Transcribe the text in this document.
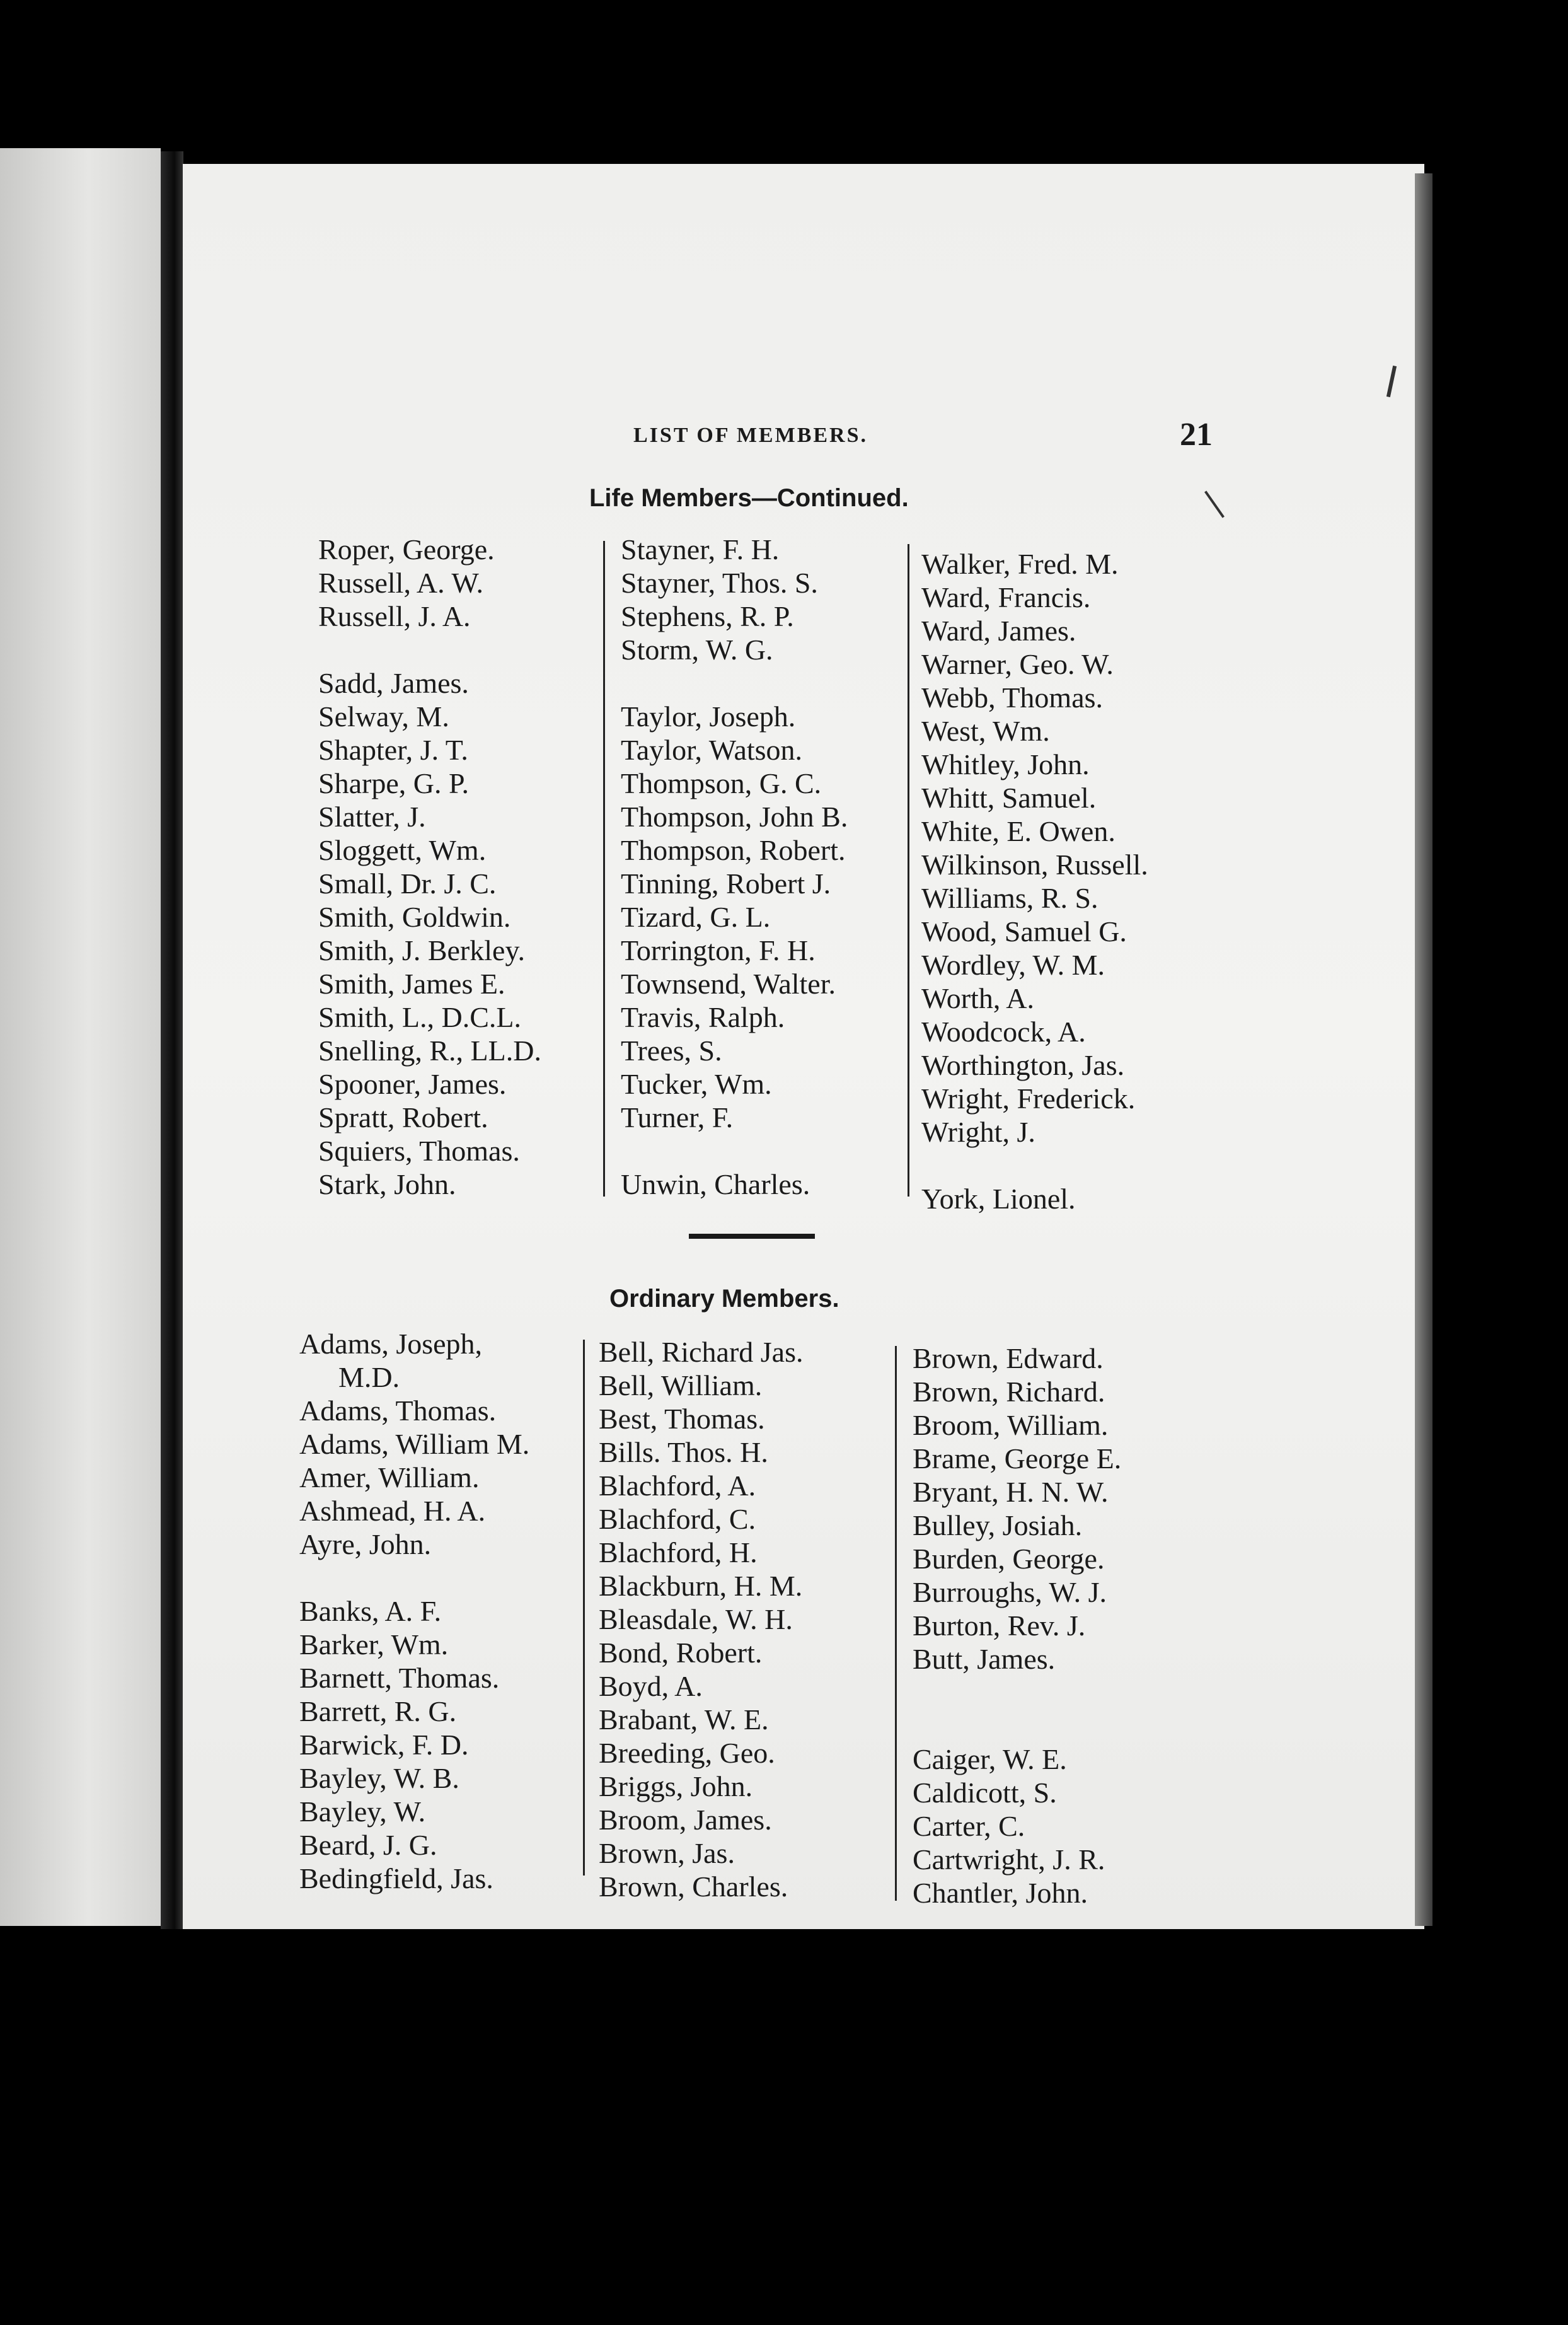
LIST OF MEMBERS.	21
Life Members—Continued.
Roper, George.
Russell, A. W.
Russell, J. A.
Sadd, James.
Selway, M.
Shapter, J. T.
Sharpe, G. P.
Slatter, J.
Sloggett, Wm.
Small, Dr. J. C.
Smith, Goldwin.
Smith, J. Berkley.
Smith, James E.
Smith, L., D.C.L.
Snelling, R., LL.D.
Spooner, James.
Spratt, Robert.
Squiers, Thomas.
Stark, John.
Stayner, F. H.
Stayner, Thos. S.
Stephens, R. P.
Storm, W. G.
Taylor, Joseph.
Taylor, Watson.
Thompson, G. C.
Thompson, John B.
Thompson, Robert.
Tinning, Robert J.
Tizard, G. L.
Torrington, F. H.
Townsend, Walter.
Travis, Ralph.
Trees, S.
Tucker, Wm.
Turner, F.
Unwin, Charles.
Walker, Fred. M.
Ward, Francis.
Ward, James.
Warner, Geo. W.
Webb, Thomas.
West, Wm.
Whitley, John.
Whitt, Samuel.
White, E. Owen.
Wilkinson, Russell.
Williams, R. S.
Wood, Samuel G.
Wordley, W. M.
Worth, A.
Woodcock, A.
Worthington, Jas.
Wright, Frederick.
Wright, J.
York, Lionel.
Ordinary Members.
Adams, Joseph,
M.D.
Adams, Thomas.
Adams, William M.
Amer, William.
Ashmead, H. A.
Ayre, John.
Banks, A. F.
Barker, Wm.
Barnett, Thomas.
Barrett, R. G.
Barwick, F. D.
Bayley, W. B.
Bayley, W.
Beard, J. G.
Bedingfield, Jas.
Bell, Richard Jas.
Bell, William.
Best, Thomas.
Bills. Thos. H.
Blachford, A.
Blachford, C.
Blachford, H.
Blackburn, H. M.
Bleasdale, W. H.
Bond, Robert.
Boyd, A.
Brabant, W. E.
Breeding, Geo.
Briggs, John.
Broom, James.
Brown, Jas.
Brown, Charles.
Brown, Edward.
Brown, Richard.
Broom, William.
Brame, George E.
Bryant, H. N. W.
Bulley, Josiah.
Burden, George.
Burroughs, W. J.
Burton, Rev. J.
Butt, James.
Caiger, W. E.
Caldicott, S.
Carter, C.
Cartwright, J. R.
Chantler, John.
